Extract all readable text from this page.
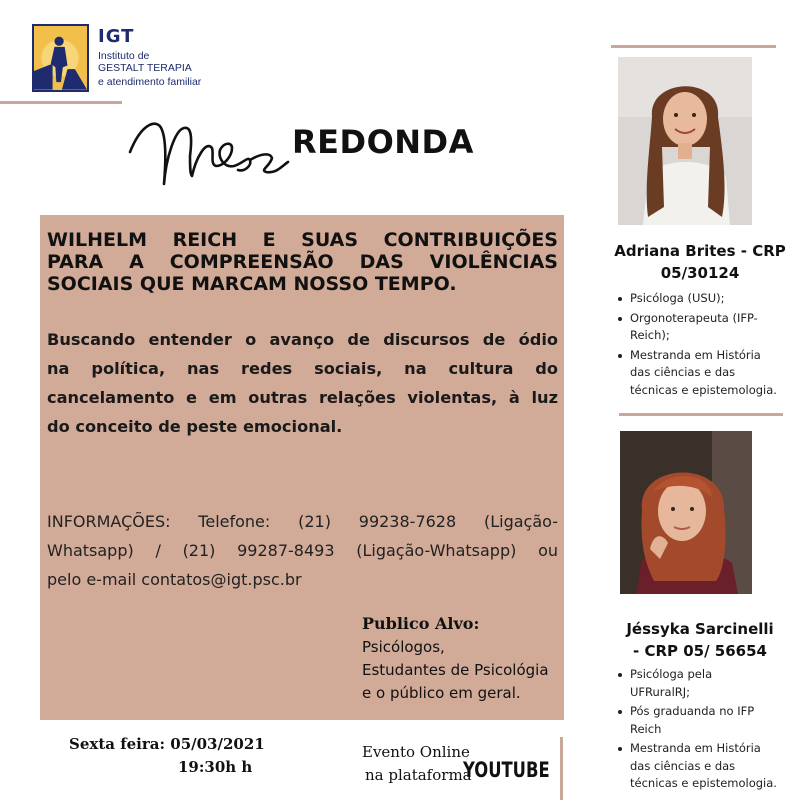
IGT
Instituto de
GESTALT TERAPIA
e atendimento familiar
REDONDA
WILHELM REICH E SUAS CONTRIBUIÇÕES
PARA A COMPREENSÃO DAS VIOLÊNCIAS
SOCIAIS QUE MARCAM NOSSO TEMPO.
Buscando entender o avanço de discursos de ódio
na política, nas redes sociais, na cultura do
cancelamento e em outras relações violentas, à luz
do conceito de peste emocional.
INFORMAÇÕES: Telefone: (21) 99238-7628 (Ligação-
Whatsapp) / (21) 99287-8493 (Ligação-Whatsapp) ou
pelo e-mail contatos@igt.psc.br
Publico Alvo:
Psicólogos,
Estudantes de Psicológia
e o público em geral.
Sexta feira: 05/03/2021
19:30h h
Evento Online
na plataforma
YOUTUBE
Adriana Brites - CRP
05/30124
Psicóloga (USU);
Orgonoterapeuta (IFP-
Reich);
Mestranda em História
das ciências e das
técnicas e epistemologia.
Jéssyka Sarcinelli
- CRP 05/ 56654
Psicóloga pela
UFRuralRJ;
Pós graduanda no IFP
Reich
Mestranda em História
das ciências e das
técnicas e epistemologia.
